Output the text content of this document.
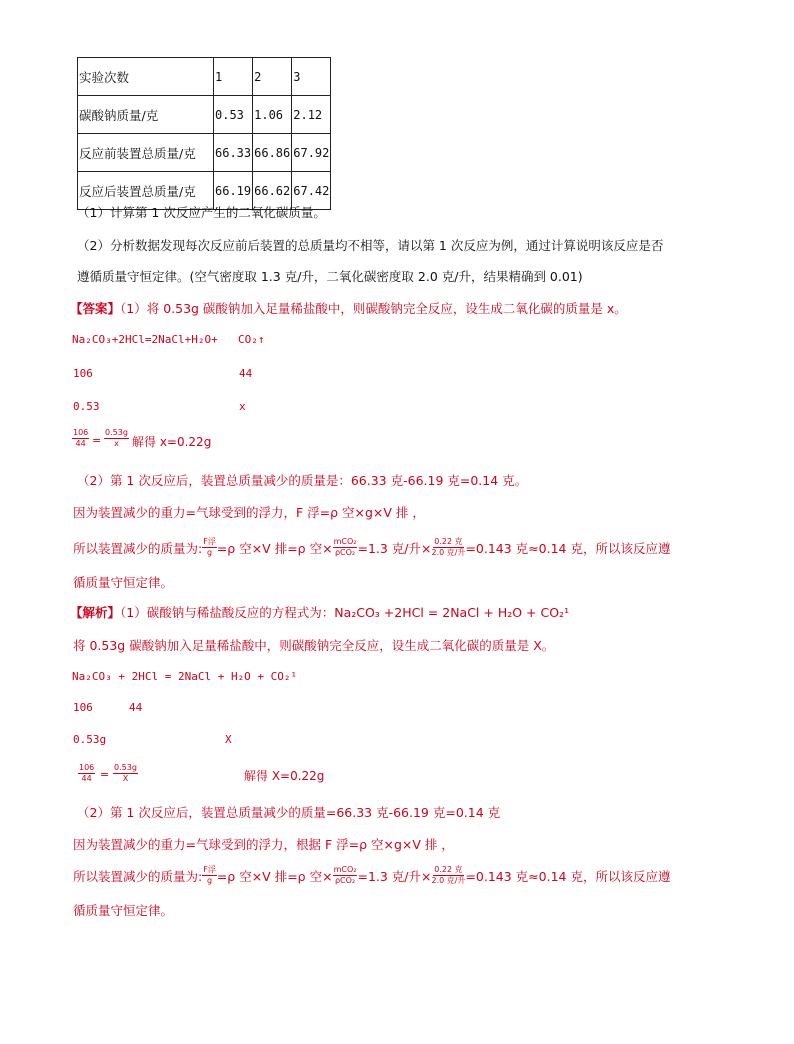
实验次数	1	2	3
碳酸钠质量/克	0.53	1.06	2.12
反应前装置总质量/克	66.33	66.86	67.92
反应后装置总质量/克	66.19	66.62	67.42
（1）计算第 1 次反应产生的二氧化碳质量。
（2）分析数据发现每次反应前后装置的总质量均不相等，请以第 1 次反应为例，通过计算说明该反应是否
遵循质量守恒定律。(空气密度取 1.3 克/升，二氧化碳密度取 2.0 克/升，结果精确到 0.01)
【答案】（1）将 0.53g 碳酸钠加入足量稀盐酸中，则碳酸钠完全反应，设生成二氧化碳的质量是 x。
Na₂CO₃+2HCl=2NaCl+H₂O+ CO₂↑
106	44
0.53	x
$\frac{106}{44} = \frac{0.53g}{x}$ 解得 x=0.22g
（2）第 1 次反应后，装置总质量减少的质量是：66.33 克-66.19 克=0.14 克。
因为装置减少的重力=气球受到的浮力，F 浮=ρ 空×g×V 排 ，
所以装置减少的质量为: $\frac{\text{F浮}}{g} =\rho$ 空×V 排=ρ 空× $\frac{\text{mCO₂}}{\text{ρCO₂}} =1.3$ 克/升× $\frac{\text{0.22 克}}{\text{2.0 克/升}} =0.143$ 克≈0.14 克，所以该反应遵
循质量守恒定律。
【解析】（1）碳酸钠与稀盐酸反应的方程式为：Na₂CO₃ +2HCl = 2NaCl + H₂O + CO₂¹
将 0.53g 碳酸钠加入足量稀盐酸中，则碳酸钠完全反应，设生成二氧化碳的质量是 X。
Na₂CO₃ + 2HCl = 2NaCl + H₂O + CO₂¹
106	44
0.53g	X
$\frac{106}{44} = \frac{0.53g}{X}$	解得 X=0.22g
（2）第 1 次反应后，装置总质量减少的质量=66.33 克-66.19 克=0.14 克
因为装置减少的重力=气球受到的浮力，根据 F 浮=ρ 空×g×V 排 ，
所以装置减少的质量为: $\frac{\text{F浮}}{g} =\rho$ 空×V 排=ρ 空× $\frac{\text{mCO₂}}{\text{ρCO₂}} =1.3$ 克/升× $\frac{\text{0.22 克}}{\text{2.0 克/升}} =0.143$ 克≈0.14 克，所以该反应遵
循质量守恒定律。
